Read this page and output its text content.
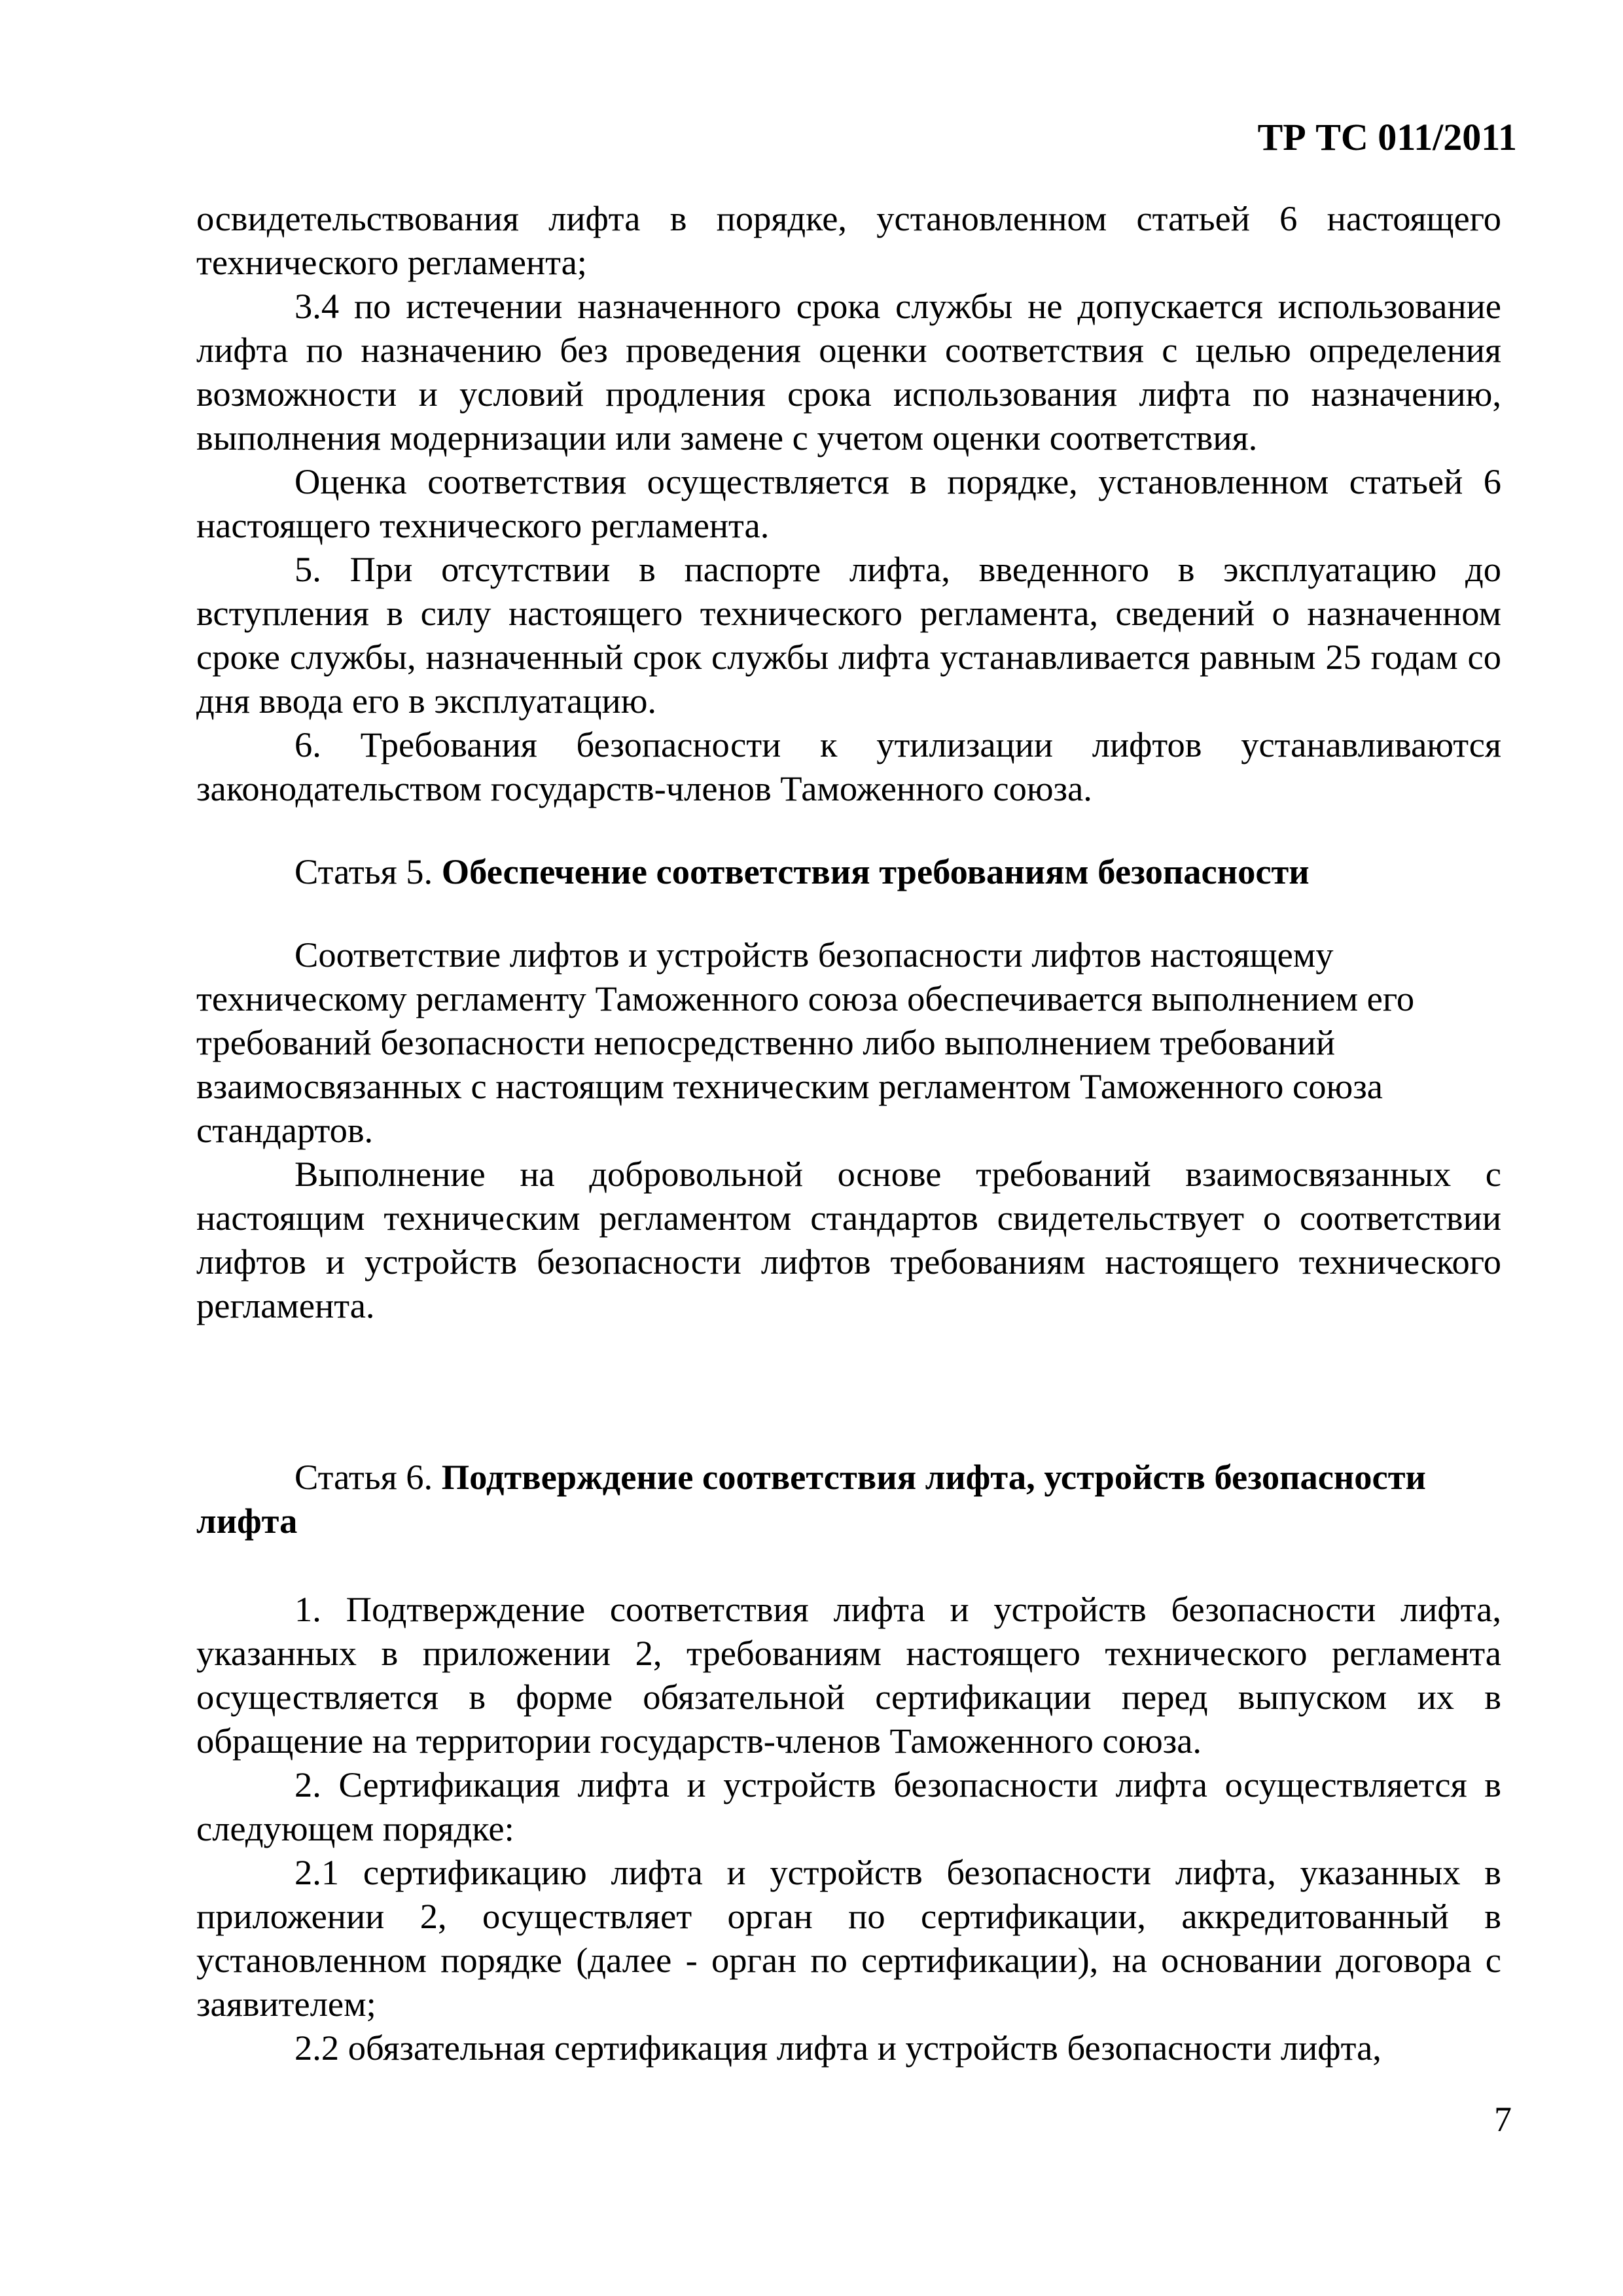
ТР ТС 011/2011

освидетельствования лифта в порядке, установленном статьей 6 настоящего технического регламента;

3.4 по истечении назначенного срока службы не допускается использование лифта по назначению без проведения оценки соответствия с целью определения возможности и условий продления срока использования лифта по назначению, выполнения модернизации или замене с учетом оценки соответствия.

Оценка соответствия осуществляется в порядке, установленном статьей 6 настоящего технического регламента.

5. При отсутствии в паспорте лифта, введенного в эксплуатацию до вступления в силу настоящего технического регламента, сведений о назначенном сроке службы, назначенный срок службы лифта устанавливается равным 25 годам со дня ввода его в эксплуатацию.

6. Требования безопасности к утилизации лифтов устанавливаются законодательством государств-членов Таможенного союза.

Статья 5. Обеспечение соответствия требованиям безопасности

Соответствие лифтов и устройств безопасности лифтов настоящему техническому регламенту Таможенного союза обеспечивается выполнением его требований безопасности непосредственно либо выполнением требований взаимосвязанных с настоящим техническим регламентом Таможенного союза стандартов.

Выполнение на добровольной основе требований взаимосвязанных с настоящим техническим регламентом стандартов свидетельствует о соответствии лифтов и устройств безопасности лифтов требованиям настоящего технического регламента.

Статья 6. Подтверждение соответствия лифта, устройств безопасности лифта

1. Подтверждение соответствия лифта и устройств безопасности лифта, указанных в приложении 2, требованиям настоящего технического регламента осуществляется в форме обязательной сертификации перед выпуском их в обращение на территории государств-членов Таможенного союза.

2. Сертификация лифта и устройств безопасности лифта осуществляется в следующем порядке:

2.1 сертификацию лифта и устройств безопасности лифта, указанных в приложении 2, осуществляет орган по сертификации, аккредитованный в установленном порядке (далее - орган по сертификации), на основании договора с заявителем;

2.2 обязательная сертификация лифта и устройств безопасности лифта,

7
